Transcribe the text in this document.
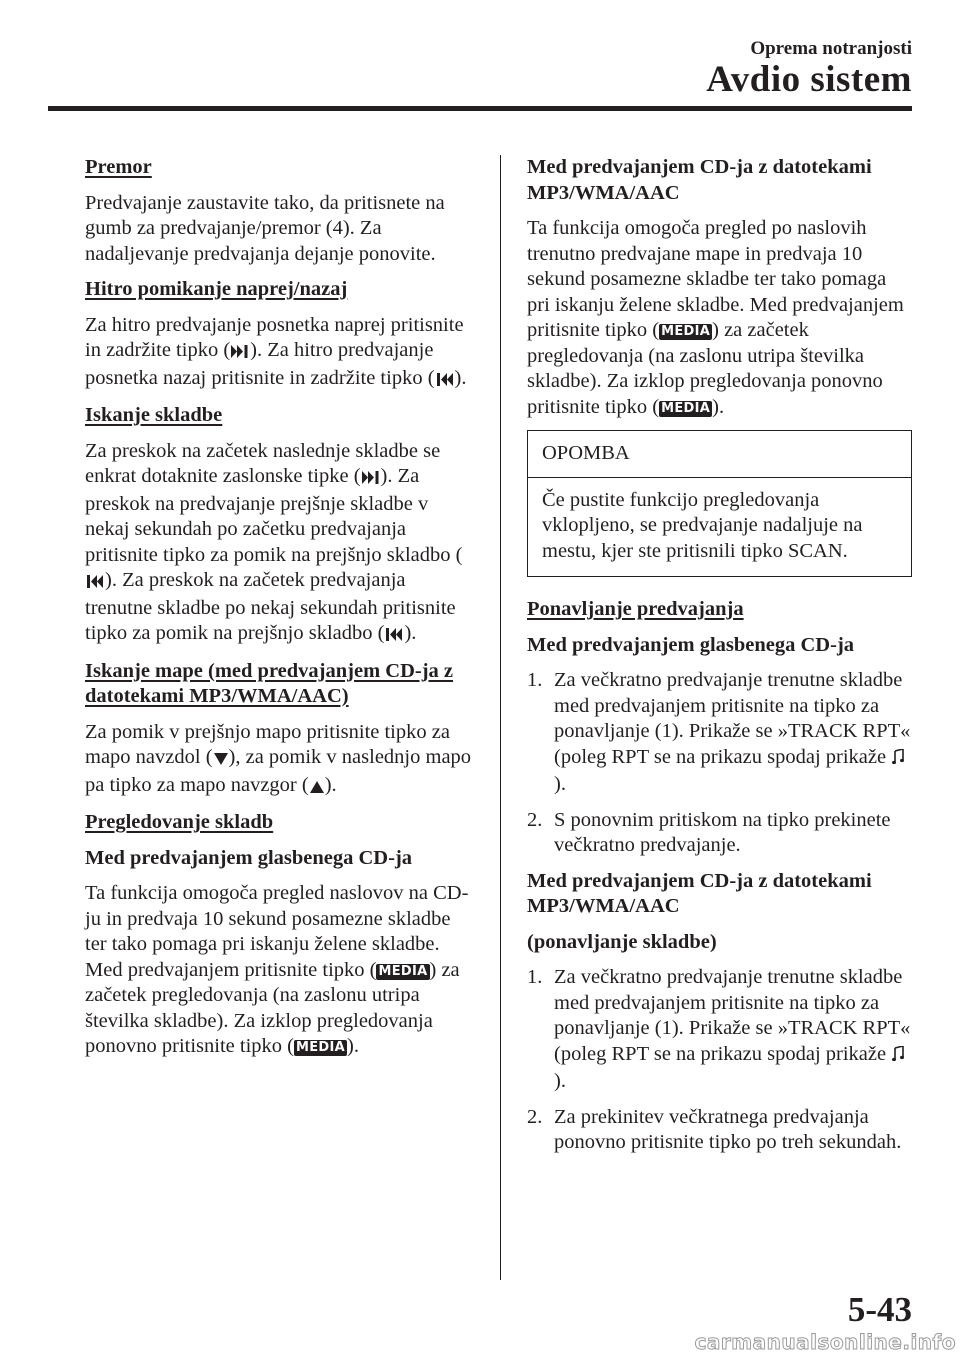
Oprema notranjosti
Avdio sistem
Premor

Predvajanje zaustavite tako, da pritisnete na gumb za predvajanje/premor (4). Za nadaljevanje predvajanja dejanje ponovite.

Hitro pomikanje naprej/nazaj

Za hitro predvajanje posnetka naprej pritisnite in zadržite tipko ( ). Za hitro predvajanje posnetka nazaj pritisnite in zadržite tipko ( ).

Iskanje skladbe

Za preskok na začetek naslednje skladbe se enkrat dotaknite zaslonske tipke ( ). Za preskok na predvajanje prejšnje skladbe v nekaj sekundah po začetku predvajanja pritisnite tipko za pomik na prejšnjo skladbo (). Za preskok na začetek predvajanja trenutne skladbe po nekaj sekundah pritisnite tipko za pomik na prejšnjo skladbo ( ).

Iskanje mape (med predvajanjem CD-ja z datotekami MP3/WMA/AAC)

Za pomik v prejšnjo mapo pritisnite tipko za mapo navzdol ( ), za pomik v naslednjo mapo pa tipko za mapo navzgor ( ).

Pregledovanje skladb
Med predvajanjem glasbenega CD-ja

Ta funkcija omogoča pregled naslovov na CD-ju in predvaja 10 sekund posamezne skladbe ter tako pomaga pri iskanju želene skladbe.

Med predvajanjem pritisnite tipko ( MEDIA) za začetek pregledovanja (na zaslonu utripa številka skladbe). Za izklop pregledovanja ponovno pritisnite tipko ( MEDIA).

Med predvajanjem CD-ja z datotekami MP3/WMA/AAC

Ta funkcija omogoča pregled po naslovih trenutno predvajane mape in predvaja 10 sekund posamezne skladbe ter tako pomaga pri iskanju želene skladbe. Med predvajanjem pritisnite tipko ( MEDIA) za začetek pregledovanja (na zaslonu utripa številka skladbe). Za izklop pregledovanja ponovno pritisnite tipko ( MEDIA).

OPOMBA
Če pustite funkcijo pregledovanja vklopljeno, se predvajanje nadaljuje na mestu, kjer ste pritisnili tipko SCAN.
Ponavljanje predvajanja
Med predvajanjem glasbenega CD-ja
1. Za večkratno predvajanje trenutne skladbe med predvajanjem pritisnite na tipko za ponavljanje (1). Prikaže se »TRACK RPT« (poleg RPT se na prikazu spodaj prikaže ).
2. S ponovnim pritiskom na tipko prekinete večkratno predvajanje.
Med predvajanjem CD-ja z datotekami MP3/WMA/AAC
(ponavljanje skladbe)
1. Za večkratno predvajanje trenutne skladbe med predvajanjem pritisnite na tipko za ponavljanje (1). Prikaže se »TRACK RPT« (poleg RPT se na prikazu spodaj prikaže ).
2. Za prekinitev večkratnega predvajanja ponovno pritisnite tipko po treh sekundah.
5-43
carmanualsonline.info
